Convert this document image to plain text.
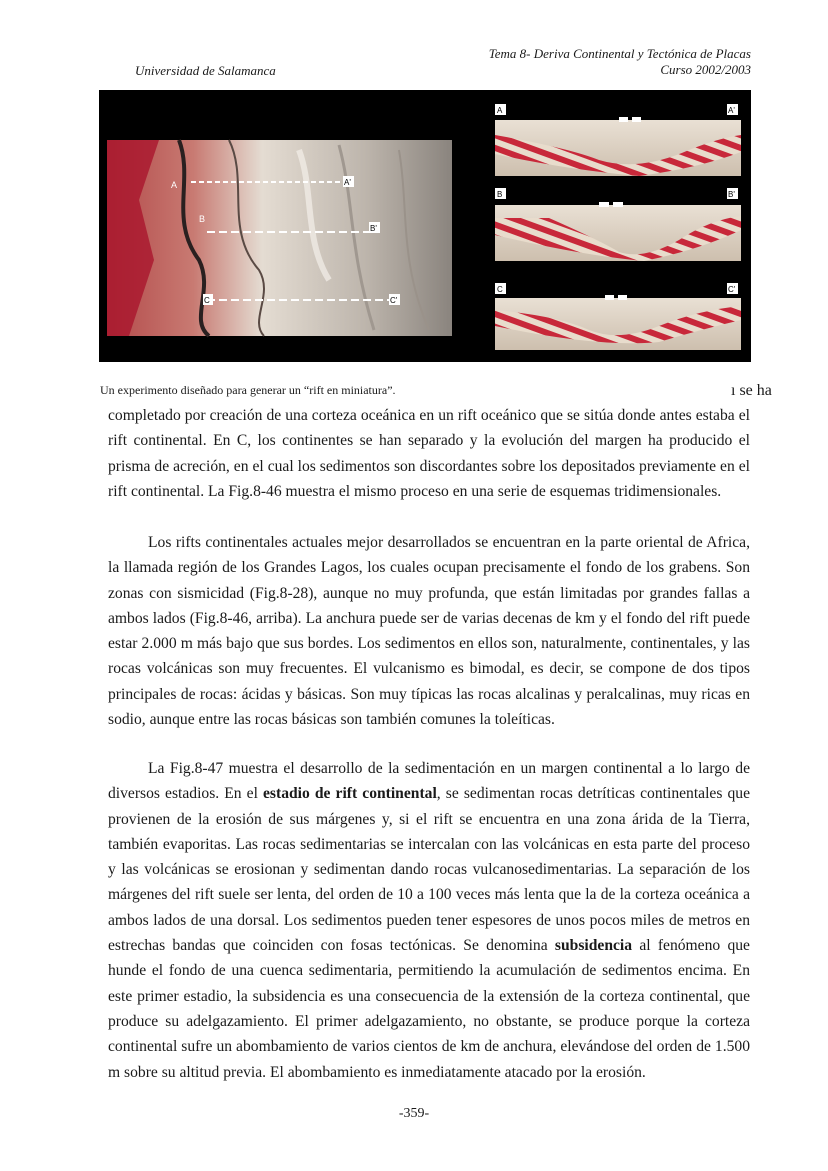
Universidad de Salamanca
Tema 8- Deriva Continental y Tectónica de Placas
Curso 2002/2003
A	A'
B
B'
C	C'
A	A'
B	B'
C	C'
Un experimento diseñado para generar un “rift en miniatura”.	ı se ha

completado por creación de una corteza oceánica en un rift oceánico que se sitúa donde antes estaba el rift continental. En C, los continentes se han separado y la evolución del margen ha producido el prisma de acreción, en el cual los sedimentos son discordantes sobre los depositados previamente en el rift continental. La Fig.8-46 muestra el mismo proceso en una serie de esquemas tridimensionales.

Los rifts continentales actuales mejor desarrollados se encuentran en la parte oriental de Africa, la llamada región de los Grandes Lagos, los cuales ocupan precisamente el fondo de los grabens. Son zonas con sismicidad (Fig.8-28), aunque no muy profunda, que están limitadas por grandes fallas a ambos lados (Fig.8-46, arriba). La anchura puede ser de varias decenas de km y el fondo del rift puede estar 2.000 m más bajo que sus bordes. Los sedimentos en ellos son, naturalmente, continentales, y las rocas volcánicas son muy frecuentes. El vulcanismo es bimodal, es decir, se compone de dos tipos principales de rocas: ácidas y básicas. Son muy típicas las rocas alcalinas y peralcalinas, muy ricas en sodio, aunque entre las rocas básicas son también comunes la toleíticas.

La Fig.8-47 muestra el desarrollo de la sedimentación en un margen continental a lo largo de diversos estadios. En el estadio de rift continental, se sedimentan rocas detríticas continentales que provienen de la erosión de sus márgenes y, si el rift se encuentra en una zona árida de la Tierra, también evaporitas. Las rocas sedimentarias se intercalan con las volcánicas en esta parte del proceso y las volcánicas se erosionan y sedimentan dando rocas vulcanosedimentarias. La separación de los márgenes del rift suele ser lenta, del orden de 10 a 100 veces más lenta que la de la corteza oceánica a ambos lados de una dorsal. Los sedimentos pueden tener espesores de unos pocos miles de metros en estrechas bandas que coinciden con fosas tectónicas. Se denomina subsidencia al fenómeno que hunde el fondo de una cuenca sedimentaria, permitiendo la acumulación de sedimentos encima. En este primer estadio, la subsidencia es una consecuencia de la extensión de la corteza continental, que produce su adelgazamiento. El primer adelgazamiento, no obstante, se produce porque la corteza continental sufre un abombamiento de varios cientos de km de anchura, elevándose del orden de 1.500 m sobre su altitud previa. El abombamiento es inmediatamente atacado por la erosión.

-359-
